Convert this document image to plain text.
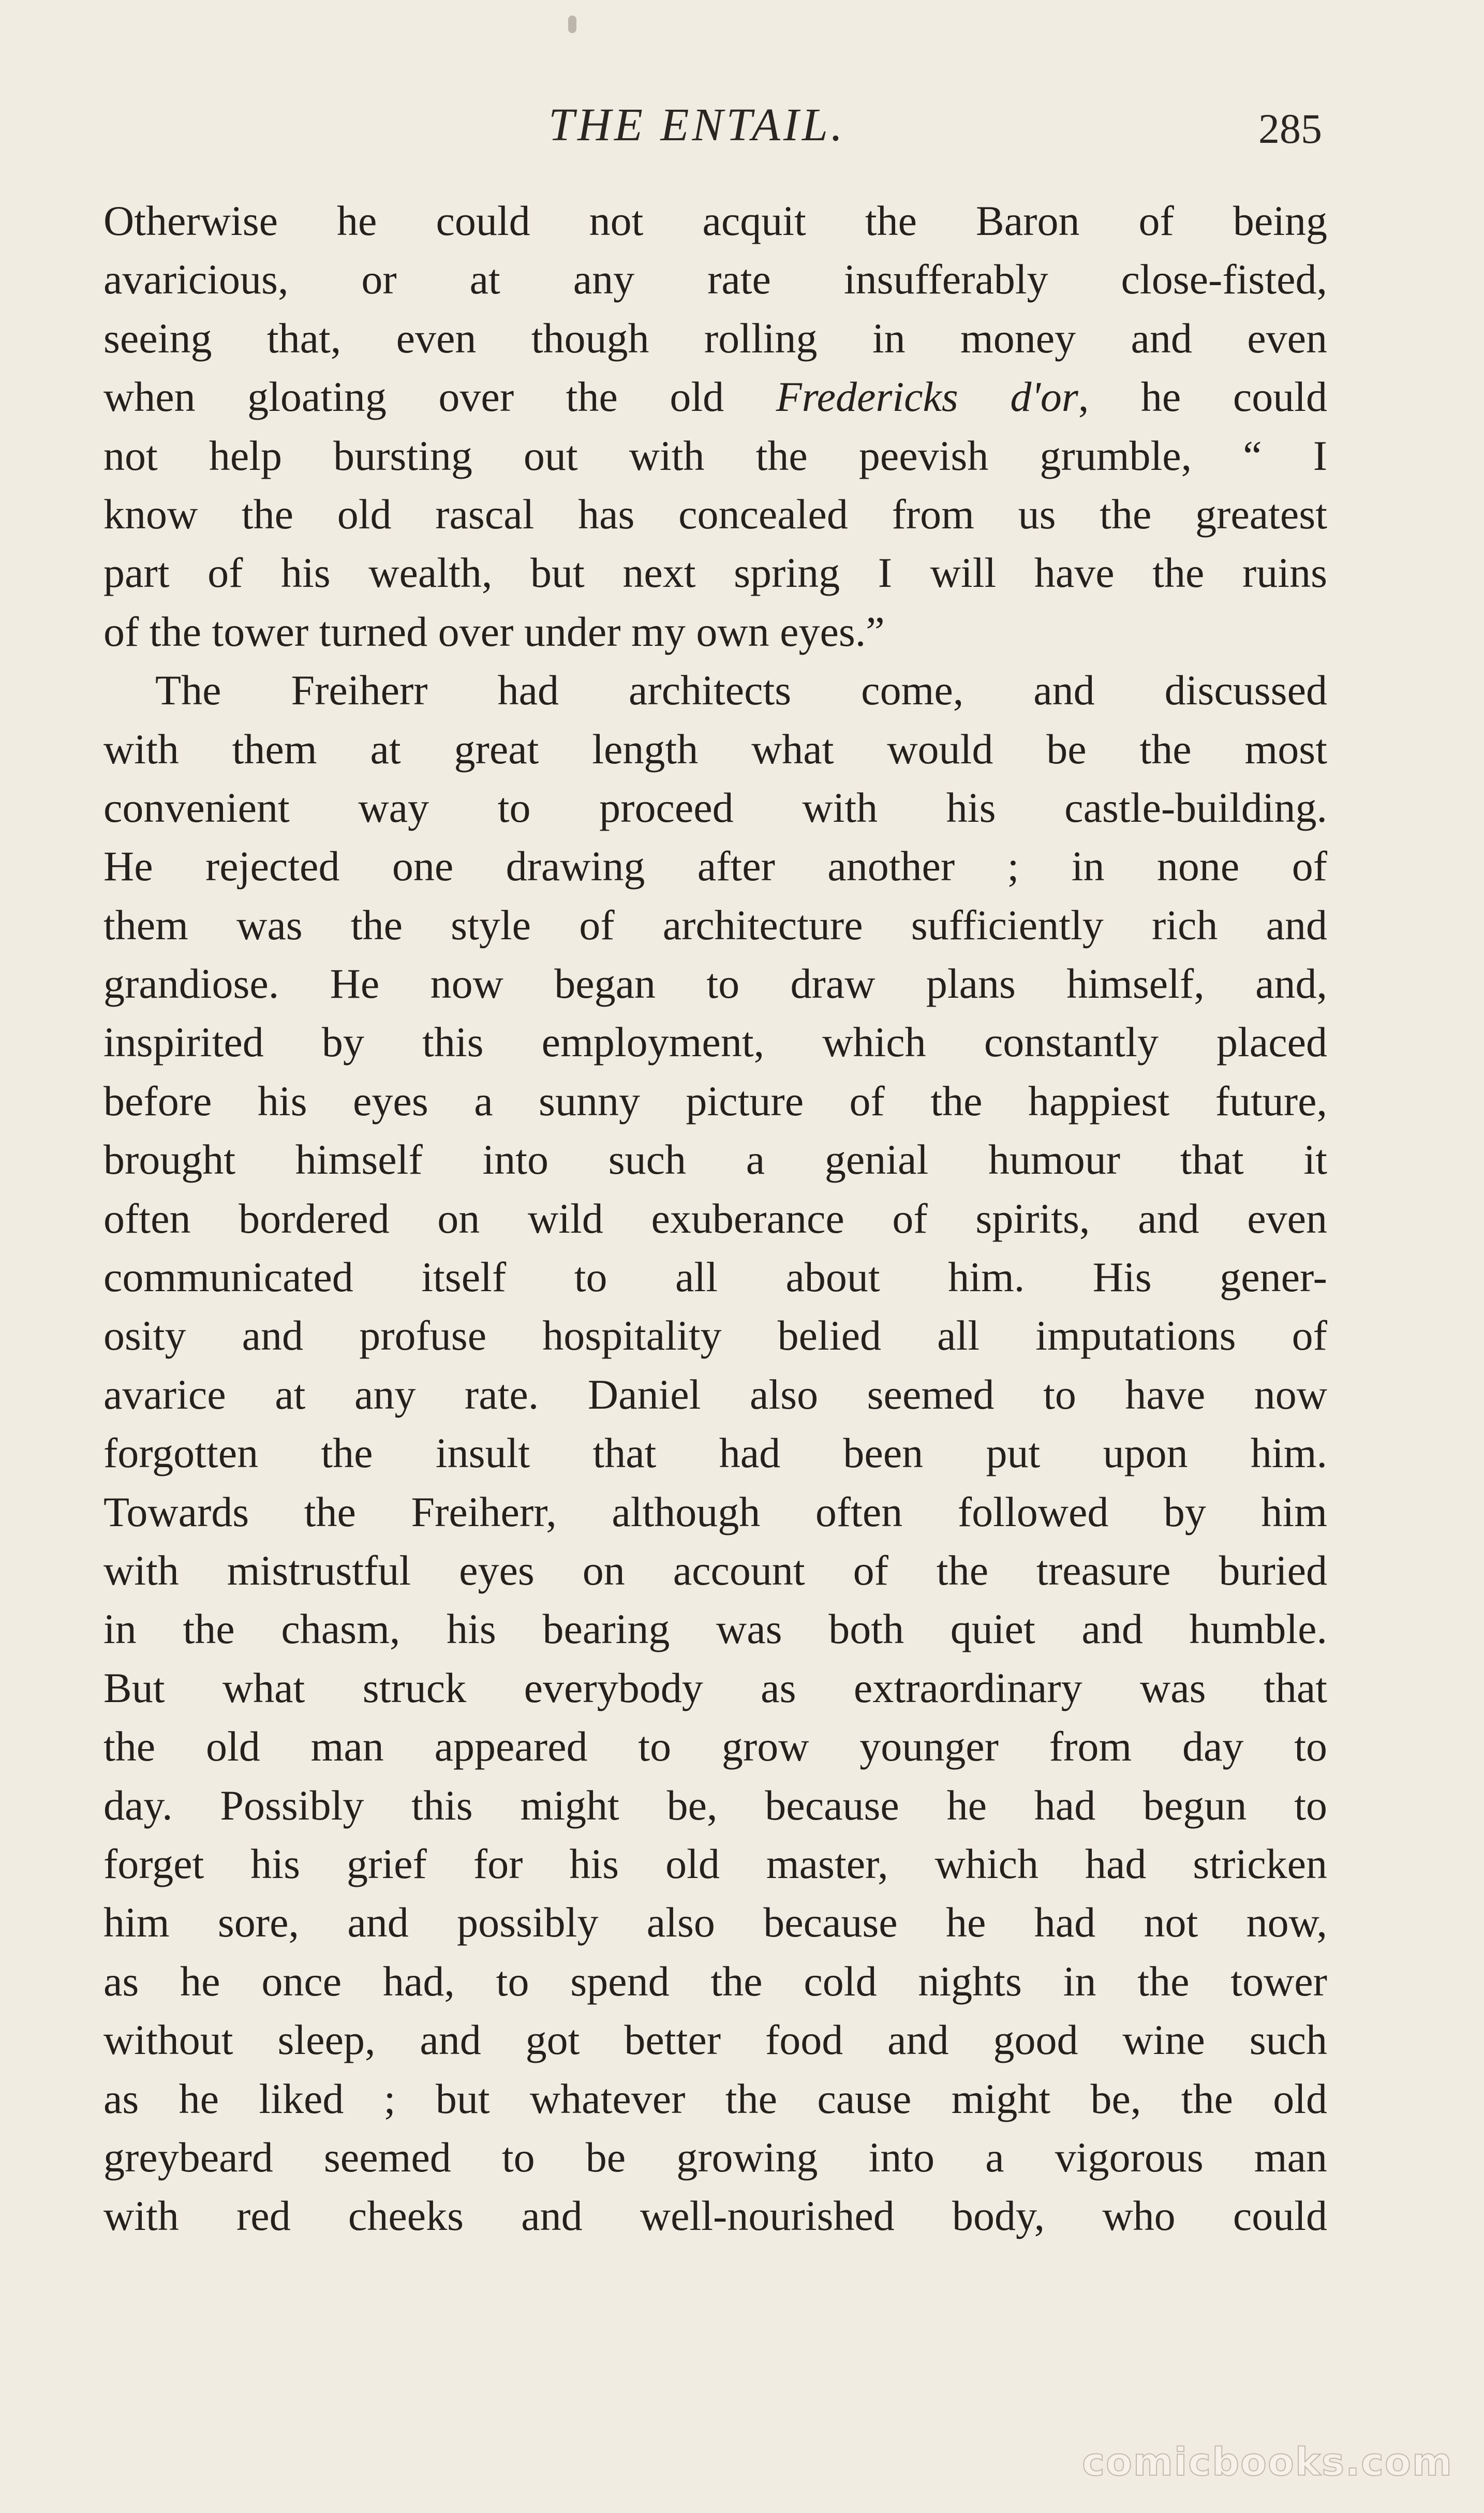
THE ENTAIL.	285
Otherwise he could not acquit the Baron of being
avaricious, or at any rate insufferably close-fisted,
seeing that, even though rolling in money and even
when gloating over the old Fredericks d'or, he could
not help bursting out with the peevish grumble, “ I
know the old rascal has concealed from us the greatest
part of his wealth, but next spring I will have the ruins
of the tower turned over under my own eyes.”
The Freiherr had architects come, and discussed
with them at great length what would be the most
convenient way to proceed with his castle-building.
He rejected one drawing after another ; in none of
them was the style of architecture sufficiently rich and
grandiose. He now began to draw plans himself, and,
inspirited by this employment, which constantly placed
before his eyes a sunny picture of the happiest future,
brought himself into such a genial humour that it
often bordered on wild exuberance of spirits, and even
communicated itself to all about him. His gener-
osity and profuse hospitality belied all imputations of
avarice at any rate. Daniel also seemed to have now
forgotten the insult that had been put upon him.
Towards the Freiherr, although often followed by him
with mistrustful eyes on account of the treasure buried
in the chasm, his bearing was both quiet and humble.
But what struck everybody as extraordinary was that
the old man appeared to grow younger from day to
day. Possibly this might be, because he had begun to
forget his grief for his old master, which had stricken
him sore, and possibly also because he had not now,
as he once had, to spend the cold nights in the tower
without sleep, and got better food and good wine such
as he liked ; but whatever the cause might be, the old
greybeard seemed to be growing into a vigorous man
with red cheeks and well-nourished body, who could
comicbooks.com
